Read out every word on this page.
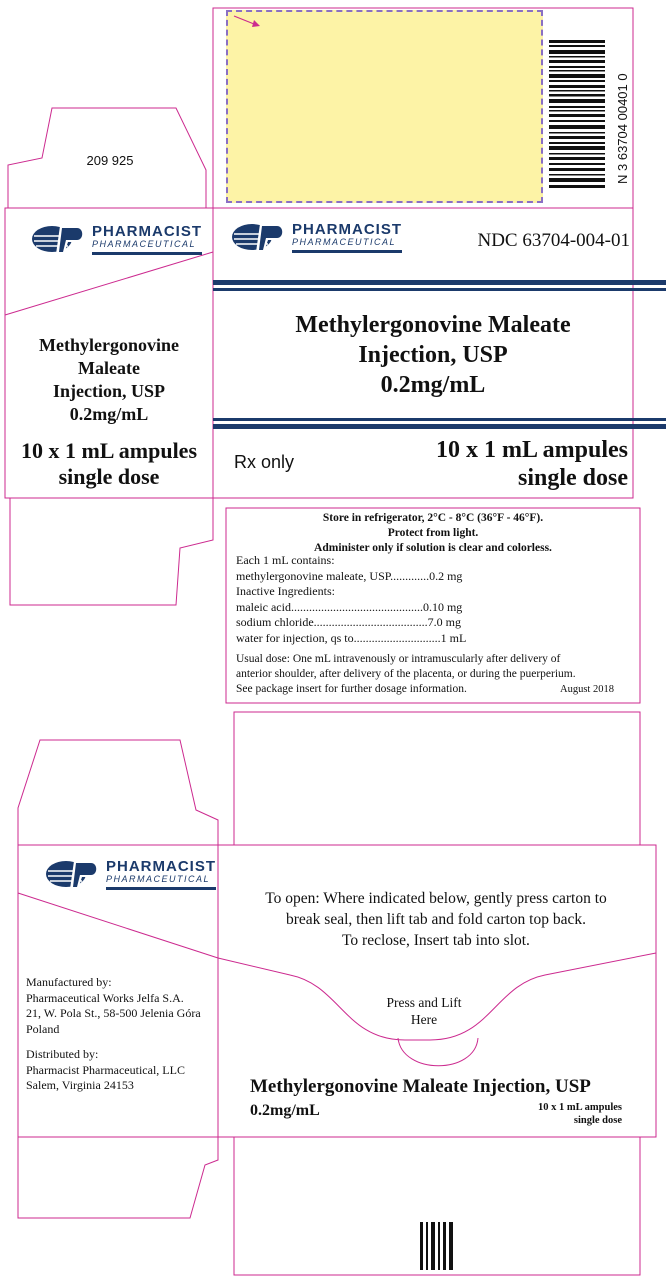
N 3 63704 00401 0
209 925
PHARMACIST
PHARMACEUTICAL
PHARMACIST
PHARMACEUTICAL
PHARMACIST
PHARMACEUTICAL
NDC 63704-004-01
Methylergonovine Maleate
Injection, USP
0.2mg/mL
Rx only	10 x 1 mL ampules
single dose
Methylergonovine
Maleate
Injection, USP
0.2mg/mL
10 x 1 mL ampules
single dose
Store in refrigerator, 2°C - 8°C (36°F - 46°F).
Protect from light.
Administer only if solution is clear and colorless.
Each 1 mL contains:
methylergonovine maleate, USP.............0.2 mg
Inactive Ingredients:
maleic acid............................................0.10 mg
sodium chloride......................................7.0 mg
water for injection, qs to.............................1 mL
Usual dose: One mL intravenously or intramuscularly after delivery of
anterior shoulder, after delivery of the placenta, or during the puerperium.
See package insert for further dosage information.	August 2018
Manufactured by:
Pharmaceutical Works Jelfa S.A.
21, W. Pola St., 58-500 Jelenia Góra
Poland
Distributed by:
Pharmacist Pharmaceutical, LLC
Salem, Virginia 24153
To open: Where indicated below, gently press carton to
break seal, then lift tab and fold carton top back.
To reclose, Insert tab into slot.
Press and Lift
Here
Methylergonovine Maleate Injection, USP
0.2mg/mL	10 x 1 mL ampules
single dose
